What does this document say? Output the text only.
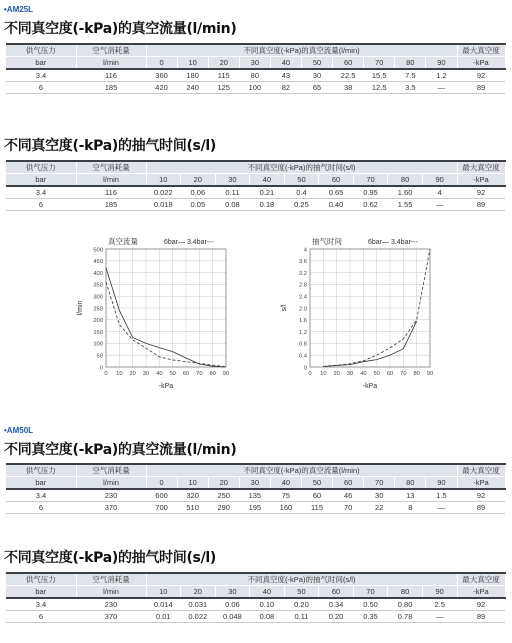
•AM25L
不同真空度(-kPa)的真空流量(l/min)
供气压力	空气消耗量	不同真空度(-kPa)的真空流量(l/min)										最大真空度
bar	l/min	0	10	20	30	40	50	60	70	80	90	-kPa
3.4	116	360	180	115	80	43	30	22.5	15.5	7.5	1.2	92
6	185	420	240	125	100	82	65	38	12.5	3.5	—	89
不同真空度(-kPa)的抽气时间(s/l)
供气压力	空气消耗量	不同真空度(-kPa)的抽气时间(s/l)									最大真空度
bar	l/min	10	20	30	40	50	60	70	80	90	-kPa
3.4	116	0.022	0.06	0.11	0.21	0.4	0.65	0.95	1.60	4	92
6	185	0.018	0.05	0.08	0.18	0.25	0.40	0.62	1.55	—	89
真空流量	6bar— 3.4bar---
0
50
100
150
200
250
300
350
400
450
500
0 10 20 30 40 50 60 70 80 90
-kPa
l/min
抽气时间	6bar— 3.4bar---
0
0.4
0.8
1.2
1.6
2.0
2.4
2.8
3.2
3.6
4
0 10 20 30 40 50 60 70 80 90
-kPa
s/l
•AM50L
不同真空度(-kPa)的真空流量(l/min)
供气压力	空气消耗量	不同真空度(-kPa)的真空流量(l/min)										最大真空度
bar	l/min	0	10	20	30	40	50	60	70	80	90	-kPa
3.4	230	600	320	250	135	75	60	46	30	13	1.5	92
6	370	700	510	290	195	160	115	70	22	8	—	89
不同真空度(-kPa)的抽气时间(s/l)
供气压力	空气消耗量	不同真空度(-kPa)的抽气时间(s/l)									最大真空度
bar	l/min	10	20	30	40	50	60	70	80	90	-kPa
3.4	230	0.014	0.031	0.06	0.10	0.20	0.34	0.50	0.80	2.5	92
6	370	0.01	0.022	0.048	0.08	0.11	0.20	0.35	0.78	—	89
